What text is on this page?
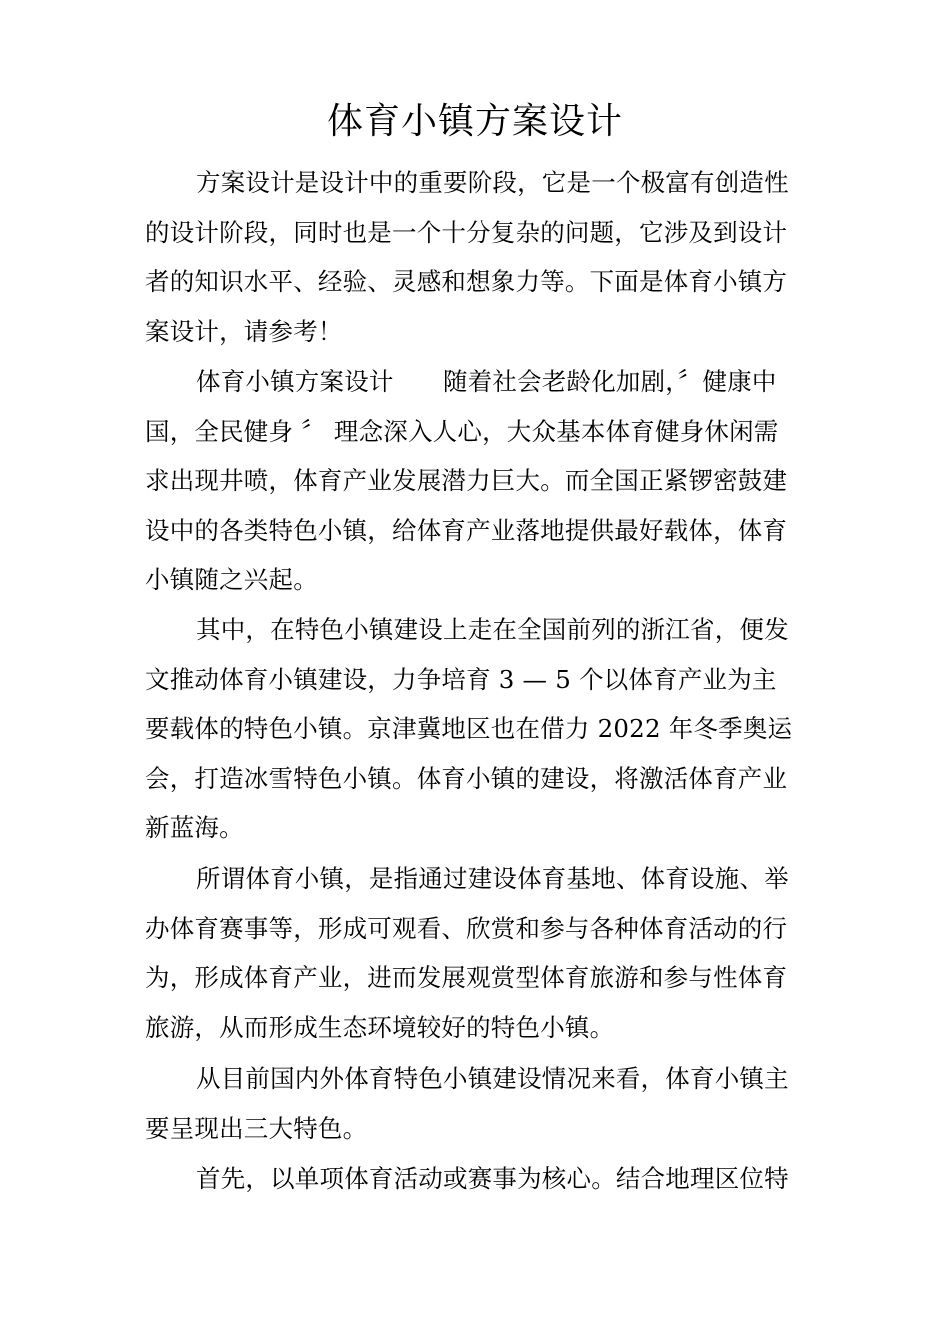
体育小镇方案设计
方案设计是设计中的重要阶段，它是一个极富有创造性
的设计阶段，同时也是一个十分复杂的问题，它涉及到设计
者的知识水平、经验、灵感和想象力等。下面是体育小镇方
案设计，请参考！
体育小镇方案设计　　随着社会老龄化加剧，〞健康中
国，全民健身 〞 理念深入人心，大众基本体育健身休闲需
求出现井喷，体育产业发展潜力巨大。而全国正紧锣密鼓建
设中的各类特色小镇，给体育产业落地提供最好载体，体育
小镇随之兴起。
其中，在特色小镇建设上走在全国前列的浙江省，便发
文推动体育小镇建设，力争培育 3 — 5 个以体育产业为主
要载体的特色小镇。京津冀地区也在借力 2022 年冬季奥运
会，打造冰雪特色小镇。体育小镇的建设，将激活体育产业
新蓝海。
所谓体育小镇，是指通过建设体育基地、体育设施、举
办体育赛事等，形成可观看、欣赏和参与各种体育活动的行
为，形成体育产业，进而发展观赏型体育旅游和参与性体育
旅游，从而形成生态环境较好的特色小镇。
从目前国内外体育特色小镇建设情况来看，体育小镇主
要呈现出三大特色。
首先，以单项体育活动或赛事为核心。结合地理区位特
